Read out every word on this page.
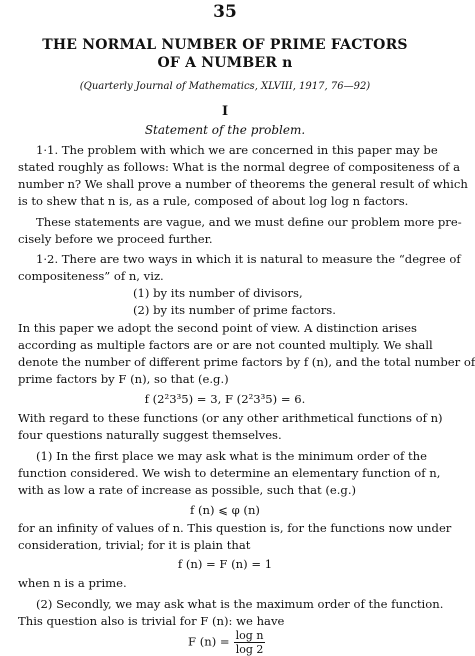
35
THE NORMAL NUMBER OF PRIME FACTORS
OF A NUMBER n
(Quarterly Journal of Mathematics, XLVIII, 1917, 76—92)
I
Statement of the problem.
1·1. The problem with which we are concerned in this paper may be
stated roughly as follows: What is the normal degree of compositeness of a
number n? We shall prove a number of theorems the general result of which
is to shew that n is, as a rule, composed of about log log n factors.
These statements are vague, and we must define our problem more pre-
cisely before we proceed further.
1·2. There are two ways in which it is natural to measure the “degree of
compositeness” of n, viz.
(1) by its number of divisors,
(2) by its number of prime factors.
In this paper we adopt the second point of view. A distinction arises
according as multiple factors are or are not counted multiply. We shall
denote the number of different prime factors by f (n), and the total number of
prime factors by F (n), so that (e.g.)
f (2²3³5) = 3, F (2²3³5) = 6.
With regard to these functions (or any other arithmetical functions of n)
four questions naturally suggest themselves.
(1) In the first place we may ask what is the minimum order of the
function considered. We wish to determine an elementary function of n,
with as low a rate of increase as possible, such that (e.g.)
f (n) ⩽ φ (n)
for an infinity of values of n. This question is, for the functions now under
consideration, trivial; for it is plain that
f (n) = F (n) = 1
when n is a prime.
(2) Secondly, we may ask what is the maximum order of the function.
This question also is trivial for F (n): we have
F $(n) = \frac{\text{log n}}{\log 2}$
